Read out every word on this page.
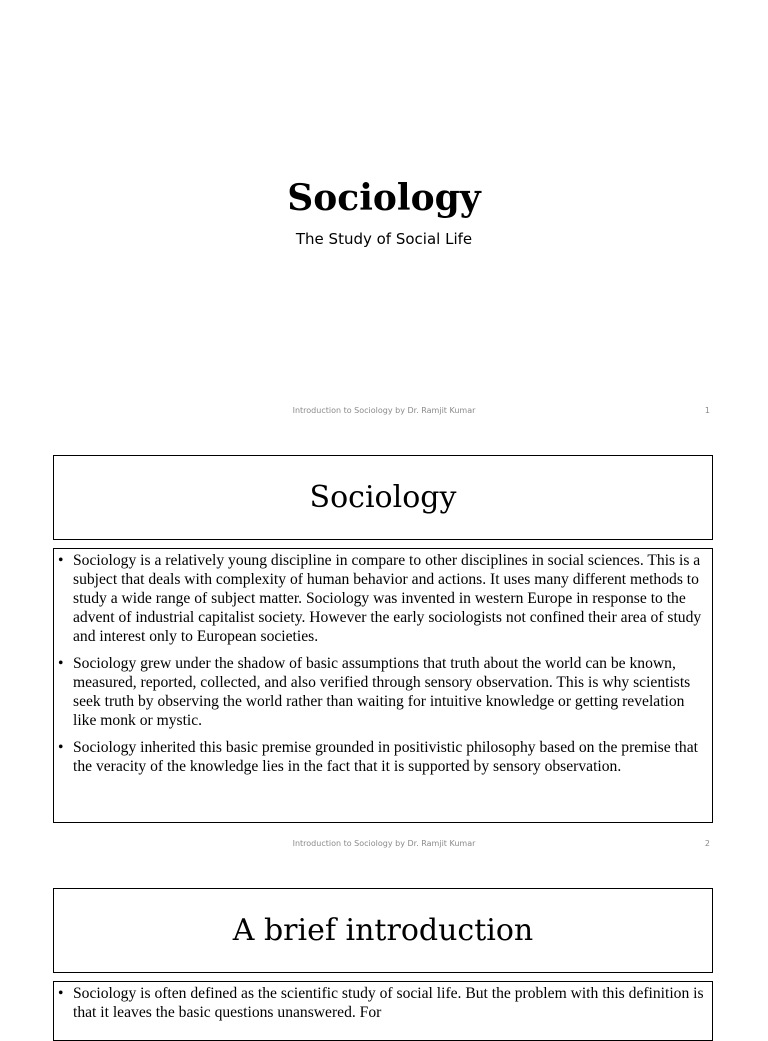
Sociology
The Study of Social Life
Introduction to Sociology by Dr. Ramjit Kumar	1
Sociology
• Sociology is a relatively young discipline in compare to other disciplines in social sciences. This is a subject that deals with complexity of human behavior and actions. It uses many different methods to study a wide range of subject matter. Sociology was invented in western Europe in response to the advent of industrial capitalist society. However the early sociologists not confined their area of study and interest only to European societies.
• Sociology grew under the shadow of basic assumptions that truth about the world can be known, measured, reported, collected, and also verified through sensory observation. This is why scientists seek truth by observing the world rather than waiting for intuitive knowledge or getting revelation like monk or mystic.
• Sociology inherited this basic premise grounded in positivistic philosophy based on the premise that the veracity of the knowledge lies in the fact that it is supported by sensory observation.
Introduction to Sociology by Dr. Ramjit Kumar	2
A brief introduction
• Sociology is often defined as the scientific study of social life. But the problem with this definition is that it leaves the basic questions unanswered. For
